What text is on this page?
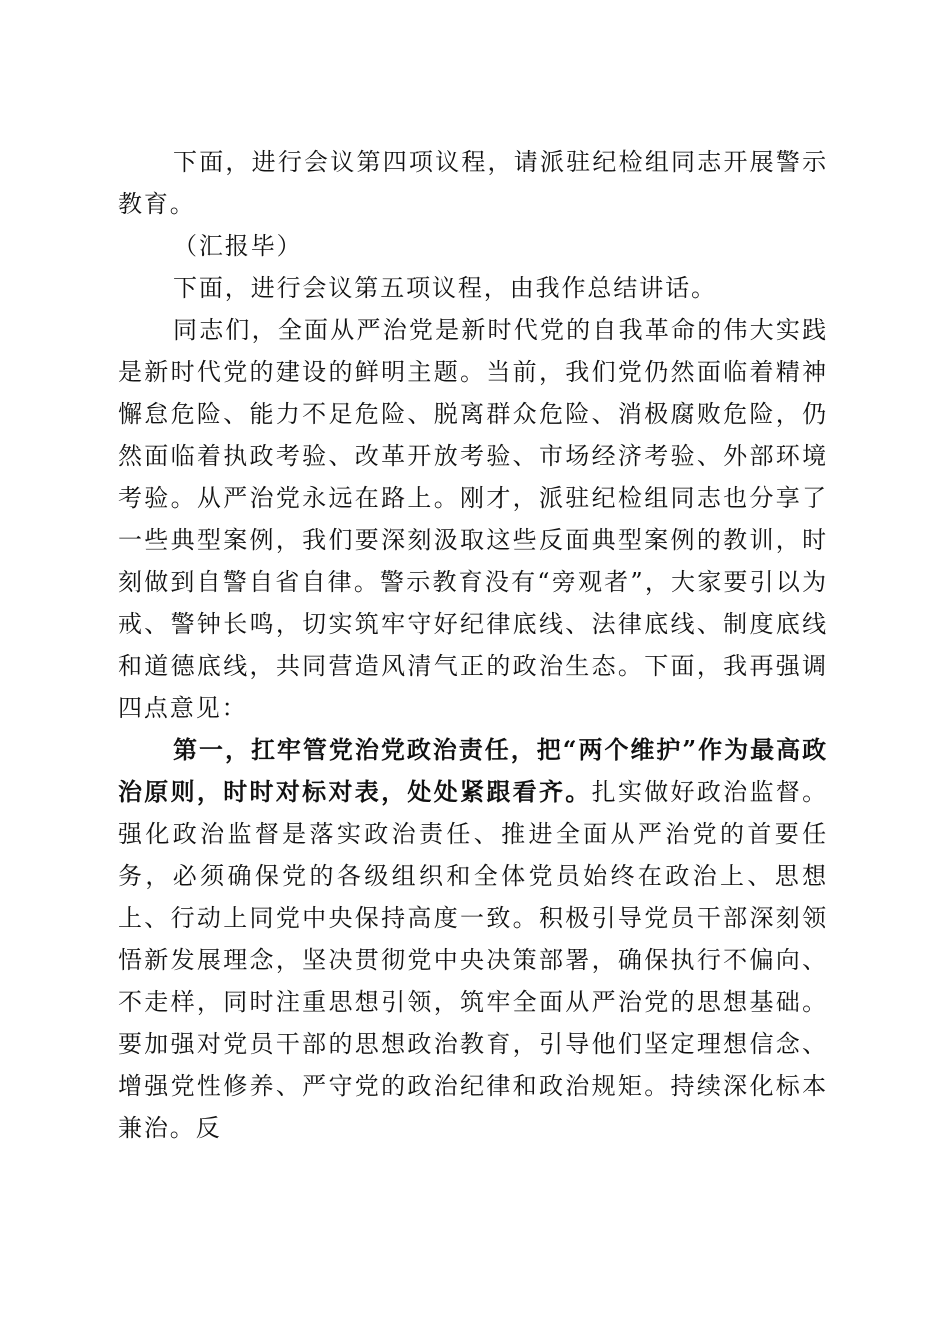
下面，进行会议第四项议程，请派驻纪检组同志开展警示教育。

（汇报毕）

下面，进行会议第五项议程，由我作总结讲话。

同志们，全面从严治党是新时代党的自我革命的伟大实践是新时代党的建设的鲜明主题。当前，我们党仍然面临着精神懈怠危险、能力不足危险、脱离群众危险、消极腐败危险，仍然面临着执政考验、改革开放考验、市场经济考验、外部环境考验。从严治党永远在路上。刚才，派驻纪检组同志也分享了一些典型案例，我们要深刻汲取这些反面典型案例的教训，时刻做到自警自省自律。警示教育没有“旁观者”，大家要引以为戒、警钟长鸣，切实筑牢守好纪律底线、法律底线、制度底线和道德底线，共同营造风清气正的政治生态。下面，我再强调四点意见：

第一，扛牢管党治党政治责任，把“两个维护”作为最高政治原则，时时对标对表，处处紧跟看齐。扎实做好政治监督。强化政治监督是落实政治责任、推进全面从严治党的首要任务，必须确保党的各级组织和全体党员始终在政治上、思想上、行动上同党中央保持高度一致。积极引导党员干部深刻领悟新发展理念，坚决贯彻党中央决策部署，确保执行不偏向、不走样，同时注重思想引领，筑牢全面从严治党的思想基础。要加强对党员干部的思想政治教育，引导他们坚定理想信念、增强党性修养、严守党的政治纪律和政治规矩。持续深化标本兼治。反
